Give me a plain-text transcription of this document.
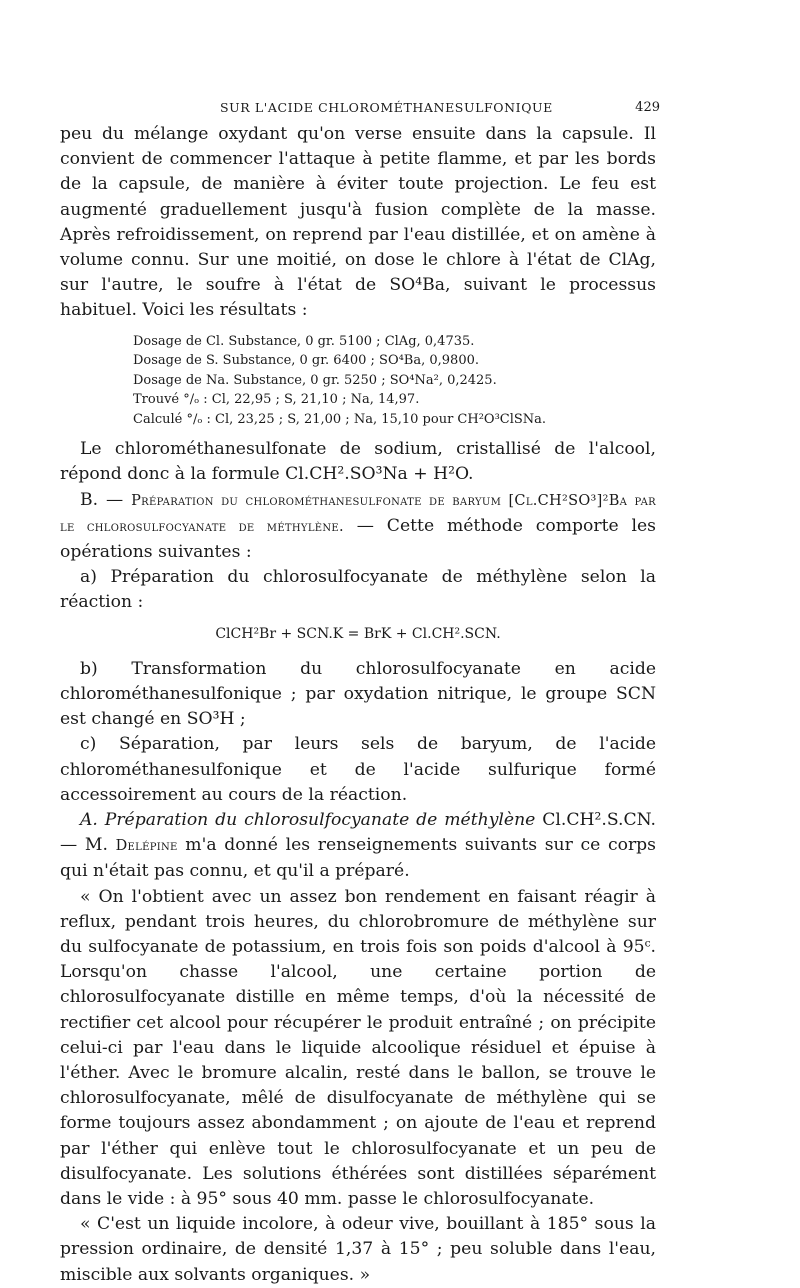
SUR L'ACIDE CHLOROMÉTHANESULFONIQUE	429

peu du mélange oxydant qu'on verse ensuite dans la capsule. Il convient de commencer l'attaque à petite flamme, et par les bords de la capsule, de manière à éviter toute projection. Le feu est augmenté graduellement jusqu'à fusion complète de la masse. Après refroidissement, on reprend par l'eau distillée, et on amène à volume connu. Sur une moitié, on dose le chlore à l'état de ClAg, sur l'autre, le soufre à l'état de SO⁴Ba, suivant le processus habituel. Voici les résultats :

Dosage de Cl. Substance, 0 gr. 5100 ; ClAg, 0,4735.
Dosage de S. Substance, 0 gr. 6400 ; SO⁴Ba, 0,9800.
Dosage de Na. Substance, 0 gr. 5250 ; SO⁴Na², 0,2425.
Trouvé °/ₒ : Cl, 22,95 ; S, 21,10 ; Na, 14,97.
Calculé °/ₒ : Cl, 23,25 ; S, 21,00 ; Na, 15,10 pour CH²O³ClSNa.

Le chlorométhanesulfonate de sodium, cristallisé de l'alcool, répond donc à la formule Cl.CH².SO³Na + H²O.

B. — Préparation du chlorométhanesulfonate de baryum [Cl.CH²SO³]²Ba par le chlorosulfocyanate de méthylène. — Cette méthode comporte les opérations suivantes :

a) Préparation du chlorosulfocyanate de méthylène selon la réaction :

ClCH²Br + SCN.K = BrK + Cl.CH².SCN.

b) Transformation du chlorosulfocyanate en acide chlorométhanesulfonique ; par oxydation nitrique, le groupe SCN est changé en SO³H ;

c) Séparation, par leurs sels de baryum, de l'acide chlorométhanesulfonique et de l'acide sulfurique formé accessoirement au cours de la réaction.

A. Préparation du chlorosulfocyanate de méthylène Cl.CH².S.CN. — M. Delépine m'a donné les renseignements suivants sur ce corps qui n'était pas connu, et qu'il a préparé.

« On l'obtient avec un assez bon rendement en faisant réagir à reflux, pendant trois heures, du chlorobromure de méthylène sur du sulfocyanate de potassium, en trois fois son poids d'alcool à 95ᶜ. Lorsqu'on chasse l'alcool, une certaine portion de chlorosulfocyanate distille en même temps, d'où la nécessité de rectifier cet alcool pour récupérer le produit entraîné ; on précipite celui-ci par l'eau dans le liquide alcoolique résiduel et épuise à l'éther. Avec le bromure alcalin, resté dans le ballon, se trouve le chlorosulfocyanate, mêlé de disulfocyanate de méthylène qui se forme toujours assez abondamment ; on ajoute de l'eau et reprend par l'éther qui enlève tout le chlorosulfocyanate et un peu de disulfocyanate. Les solutions éthérées sont distillées séparément dans le vide : à 95° sous 40 mm. passe le chlorosulfocyanate.

« C'est un liquide incolore, à odeur vive, bouillant à 185° sous la pression ordinaire, de densité 1,37 à 15° ; peu soluble dans l'eau, miscible aux solvants organiques. »
